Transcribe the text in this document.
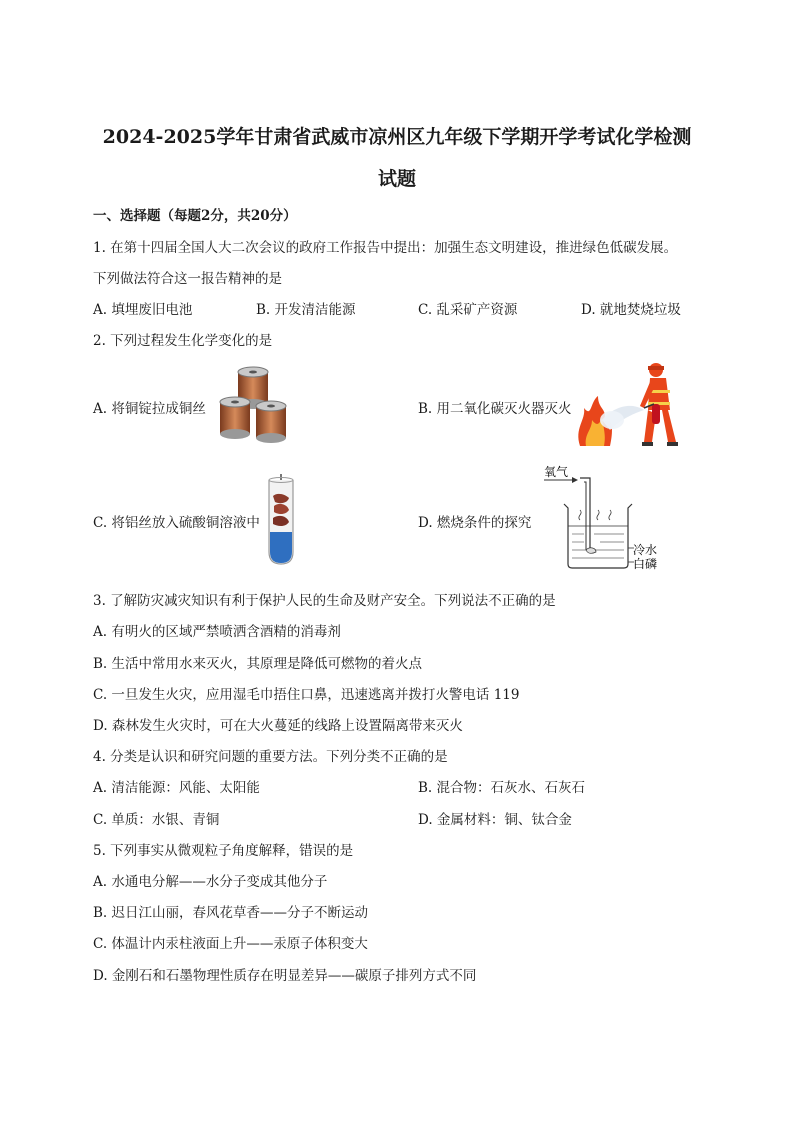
2024-2025学年甘肃省武威市凉州区九年级下学期开学考试化学检测
试题
一、选择题（每题2分，共20分）
1. 在第十四届全国人大二次会议的政府工作报告中提出：加强生态文明建设，推进绿色低碳发展。
下列做法符合这一报告精神的是
A. 填埋废旧电池	B. 开发清洁能源	C. 乱采矿产资源	D. 就地焚烧垃圾
2. 下列过程发生化学变化的是
A. 将铜锭拉成铜丝	B. 用二氧化碳灭火器灭火
C. 将铝丝放入硫酸铜溶液中	D. 燃烧条件的探究
氧气
冷水
白磷
3. 了解防灾减灾知识有利于保护人民的生命及财产安全。下列说法不正确的是
A. 有明火的区域严禁喷洒含酒精的消毒剂
B. 生活中常用水来灭火，其原理是降低可燃物的着火点
C. 一旦发生火灾，应用湿毛巾捂住口鼻，迅速逃离并拨打火警电话 119
D. 森林发生火灾时，可在大火蔓延的线路上设置隔离带来灭火
4. 分类是认识和研究问题的重要方法。下列分类不正确的是
A. 清洁能源：风能、太阳能	B. 混合物：石灰水、石灰石
C. 单质：水银、青铜	D. 金属材料：铜、钛合金
5. 下列事实从微观粒子角度解释，错误的是
A. 水通电分解——水分子变成其他分子
B. 迟日江山丽，春风花草香——分子不断运动
C. 体温计内汞柱液面上升——汞原子体积变大
D. 金刚石和石墨物理性质存在明显差异——碳原子排列方式不同
